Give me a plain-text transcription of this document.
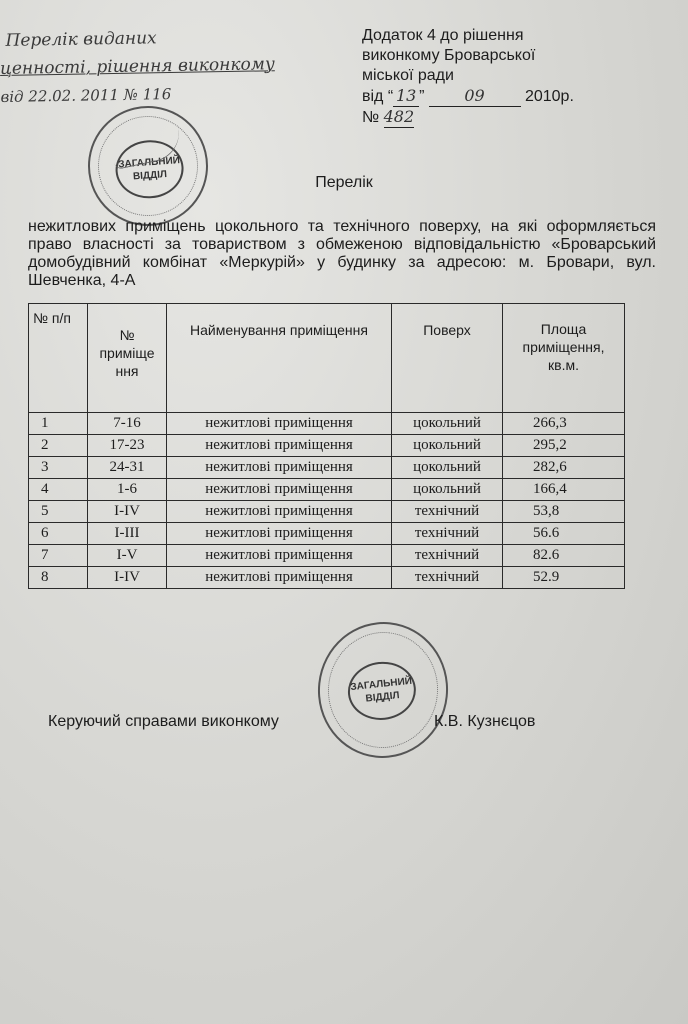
Перелік виданих
ценності, рішення виконкому
від 22.02. 2011 № 116
Додаток 4 до рішення
виконкому Броварської
міської ради
від “ 13 ” 09	2010р.
№ 482
ЗАГАЛЬНИЙ
ВІДДІЛ	Перелік
нежитлових приміщень цокольного та технічного поверху, на які оформляється право власності за товариством з обмеженою відповідальністю «Броварський домобудівний комбінат «Меркурій» у будинку за адресою: м. Бровари, вул. Шевченка, 4-А
№ п/п	№ приміще ння	Найменування приміщення	Поверх	Площа приміщення, кв.м.
1	7-16	нежитлові приміщення	цокольний	266,3
2	17-23	нежитлові приміщення	цокольний	295,2
3	24-31	нежитлові приміщення	цокольний	282,6
4	1-6	нежитлові приміщення	цокольний	166,4
5	I-IV	нежитлові приміщення	технічний	53,8
6	I-III	нежитлові приміщення	технічний	56.6
7	I-V	нежитлові приміщення	технічний	82.6
8	I-IV	нежитлові приміщення	технічний	52.9
ЗАГАЛЬНИЙ
ВІДДІЛ
Керуючий справами виконкому	К.В. Кузнєцов
